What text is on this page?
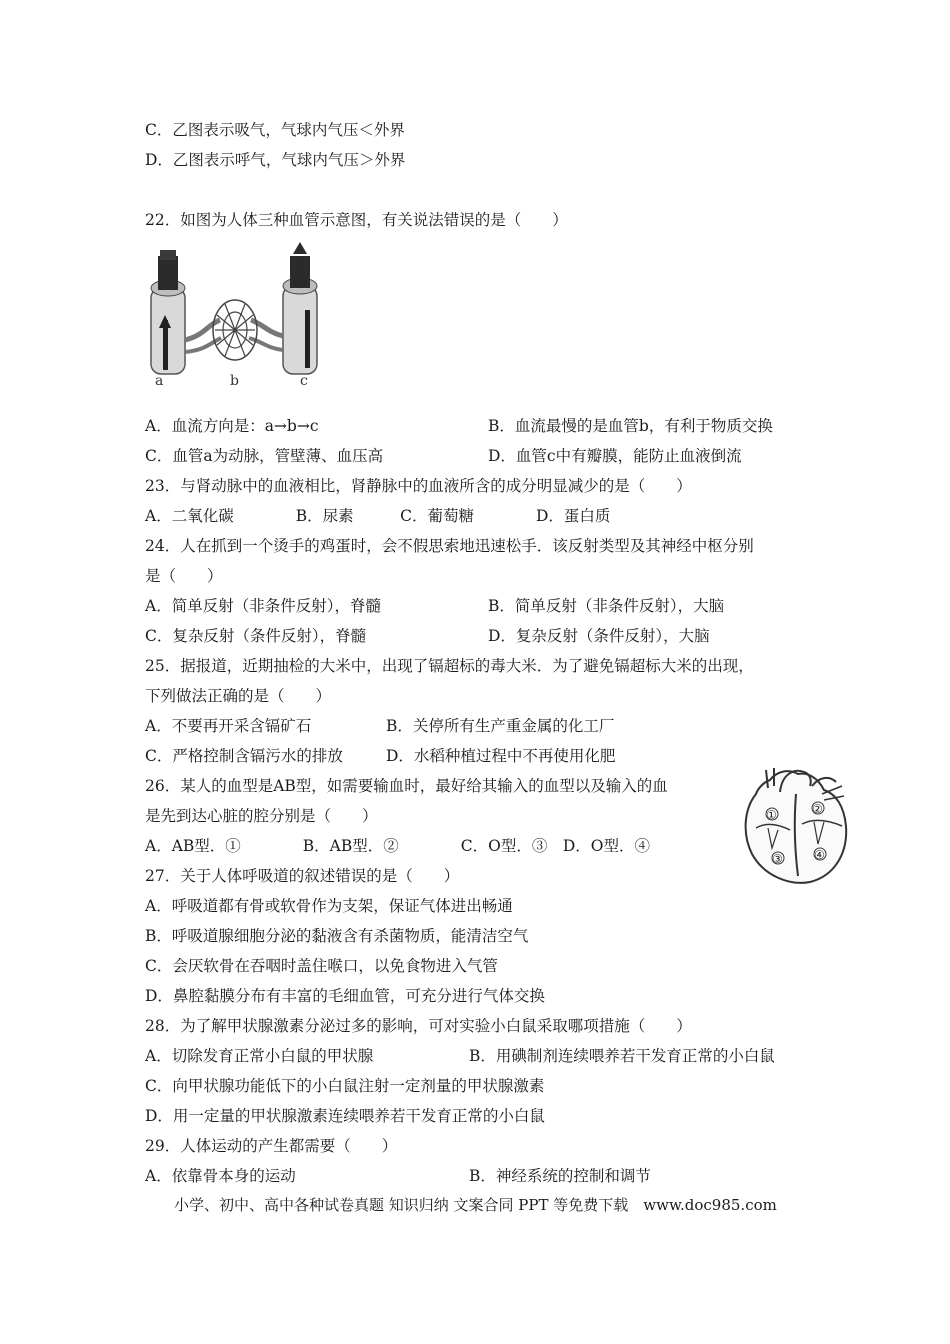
C．乙图表示吸气，气球内气压＜外界
D．乙图表示呼气，气球内气压＞外界
22．如图为人体三种血管示意图，有关说法错误的是（　　）
a	b	c
A．血流方向是：a→b→c	B．血流最慢的是血管b，有利于物质交换
C．血管a为动脉，管壁薄、血压高	D．血管c中有瓣膜，能防止血液倒流
23．与肾动脉中的血液相比，肾静脉中的血液所含的成分明显减少的是（　　）
A．二氧化碳　　　　B．尿素　　　C．葡萄糖　　　　D．蛋白质
24．人在抓到一个烫手的鸡蛋时，会不假思索地迅速松手．该反射类型及其神经中枢分别
是（　　）
A．简单反射（非条件反射），脊髓	B．简单反射（非条件反射），大脑
C．复杂反射（条件反射），脊髓	D．复杂反射（条件反射），大脑
25．据报道，近期抽检的大米中，出现了镉超标的毒大米．为了避免镉超标大米的出现，
下列做法正确的是（　　）
A．不要再开采含镉矿石	B．关停所有生产重金属的化工厂
C．严格控制含镉污水的排放	D．水稻种植过程中不再使用化肥
26．某人的血型是AB型，如需要输血时，最好给其输入的血型以及输入的血
是先到达心脏的腔分别是（　　）
A．AB型．①　　　　B．AB型．②　　　　C．O型．③　D．O型．④
①	②
③	④
27．关于人体呼吸道的叙述错误的是（　　）
A．呼吸道都有骨或软骨作为支架，保证气体进出畅通
B．呼吸道腺细胞分泌的黏液含有杀菌物质，能清洁空气
C．会厌软骨在吞咽时盖住喉口，以免食物进入气管
D．鼻腔黏膜分布有丰富的毛细血管，可充分进行气体交换
28．为了解甲状腺激素分泌过多的影响，可对实验小白鼠采取哪项措施（　　）
A．切除发育正常小白鼠的甲状腺	B．用碘制剂连续喂养若干发育正常的小白鼠
C．向甲状腺功能低下的小白鼠注射一定剂量的甲状腺激素
D．用一定量的甲状腺激素连续喂养若干发育正常的小白鼠
29．人体运动的产生都需要（　　）
A．依靠骨本身的运动	B．神经系统的控制和调节
小学、初中、高中各种试卷真题 知识归纳 文案合同 PPT 等免费下载　www.doc985.com
